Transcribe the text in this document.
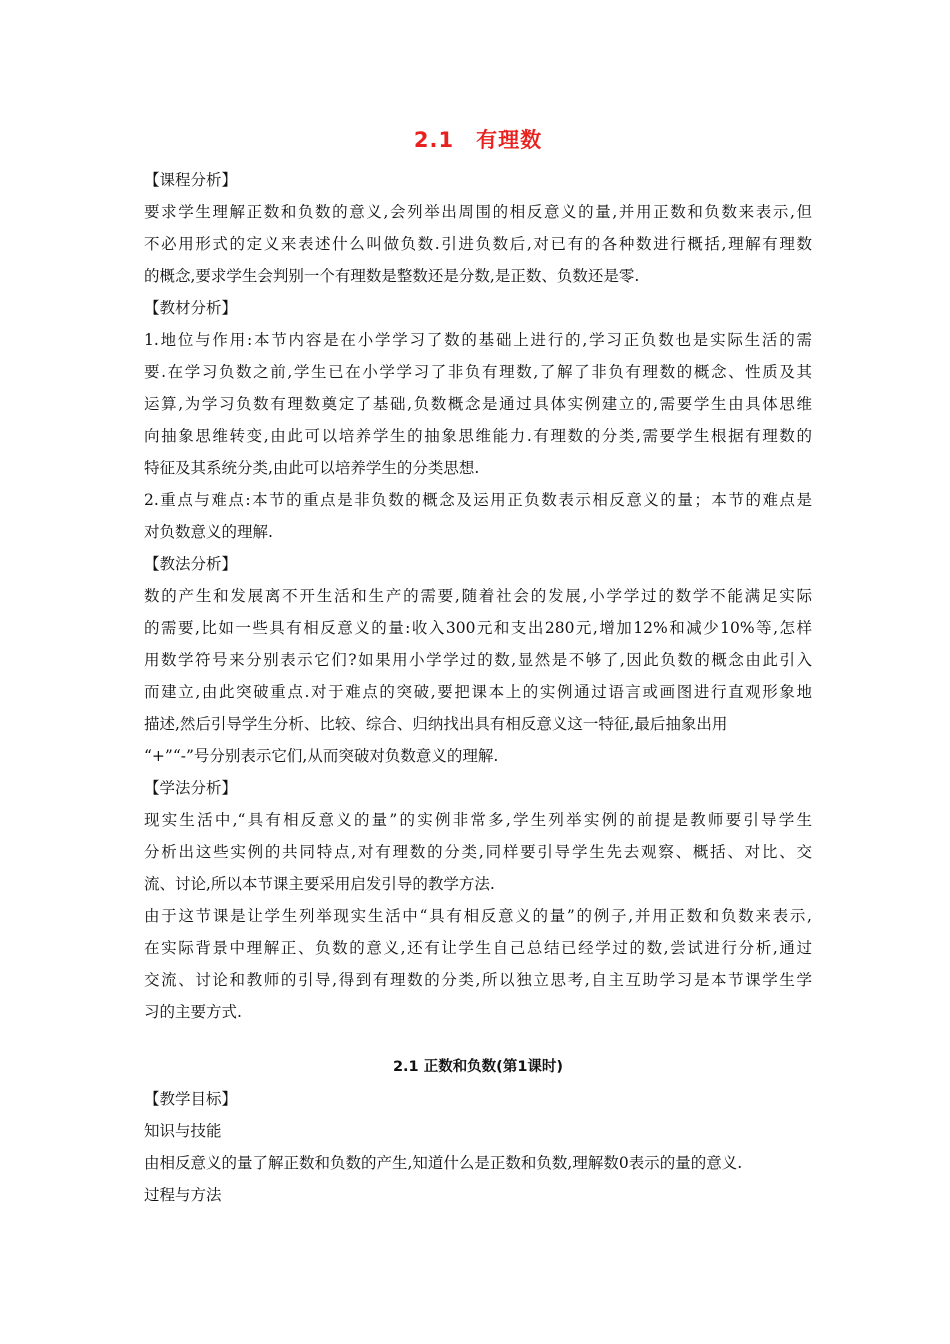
2.1　有理数
【课程分析】
要求学生理解正数和负数的意义,会列举出周围的相反意义的量,并用正数和负数来表示,但
不必用形式的定义来表述什么叫做负数.引进负数后,对已有的各种数进行概括,理解有理数
的概念,要求学生会判别一个有理数是整数还是分数,是正数、负数还是零.
【教材分析】
1.地位与作用:本节内容是在小学学习了数的基础上进行的,学习正负数也是实际生活的需
要.在学习负数之前,学生已在小学学习了非负有理数,了解了非负有理数的概念、性质及其
运算,为学习负数有理数奠定了基础,负数概念是通过具体实例建立的,需要学生由具体思维
向抽象思维转变,由此可以培养学生的抽象思维能力.有理数的分类,需要学生根据有理数的
特征及其系统分类,由此可以培养学生的分类思想.
2.重点与难点:本节的重点是非负数的概念及运用正负数表示相反意义的量；本节的难点是
对负数意义的理解.
【教法分析】
数的产生和发展离不开生活和生产的需要,随着社会的发展,小学学过的数学不能满足实际
的需要,比如一些具有相反意义的量:收入300元和支出280元,增加12%和减少10%等,怎样
用数学符号来分别表示它们?如果用小学学过的数,显然是不够了,因此负数的概念由此引入
而建立,由此突破重点.对于难点的突破,要把课本上的实例通过语言或画图进行直观形象地
描述,然后引导学生分析、比较、综合、归纳找出具有相反意义这一特征,最后抽象出用
“+”“-”号分别表示它们,从而突破对负数意义的理解.
【学法分析】
现实生活中,“具有相反意义的量”的实例非常多,学生列举实例的前提是教师要引导学生
分析出这些实例的共同特点,对有理数的分类,同样要引导学生先去观察、概括、对比、交
流、讨论,所以本节课主要采用启发引导的教学方法.
由于这节课是让学生列举现实生活中“具有相反意义的量”的例子,并用正数和负数来表示,
在实际背景中理解正、负数的意义,还有让学生自己总结已经学过的数,尝试进行分析,通过
交流、讨论和教师的引导,得到有理数的分类,所以独立思考,自主互助学习是本节课学生学
习的主要方式.
2.1 正数和负数(第1课时)
【教学目标】
知识与技能
由相反意义的量了解正数和负数的产生,知道什么是正数和负数,理解数0表示的量的意义.
过程与方法
